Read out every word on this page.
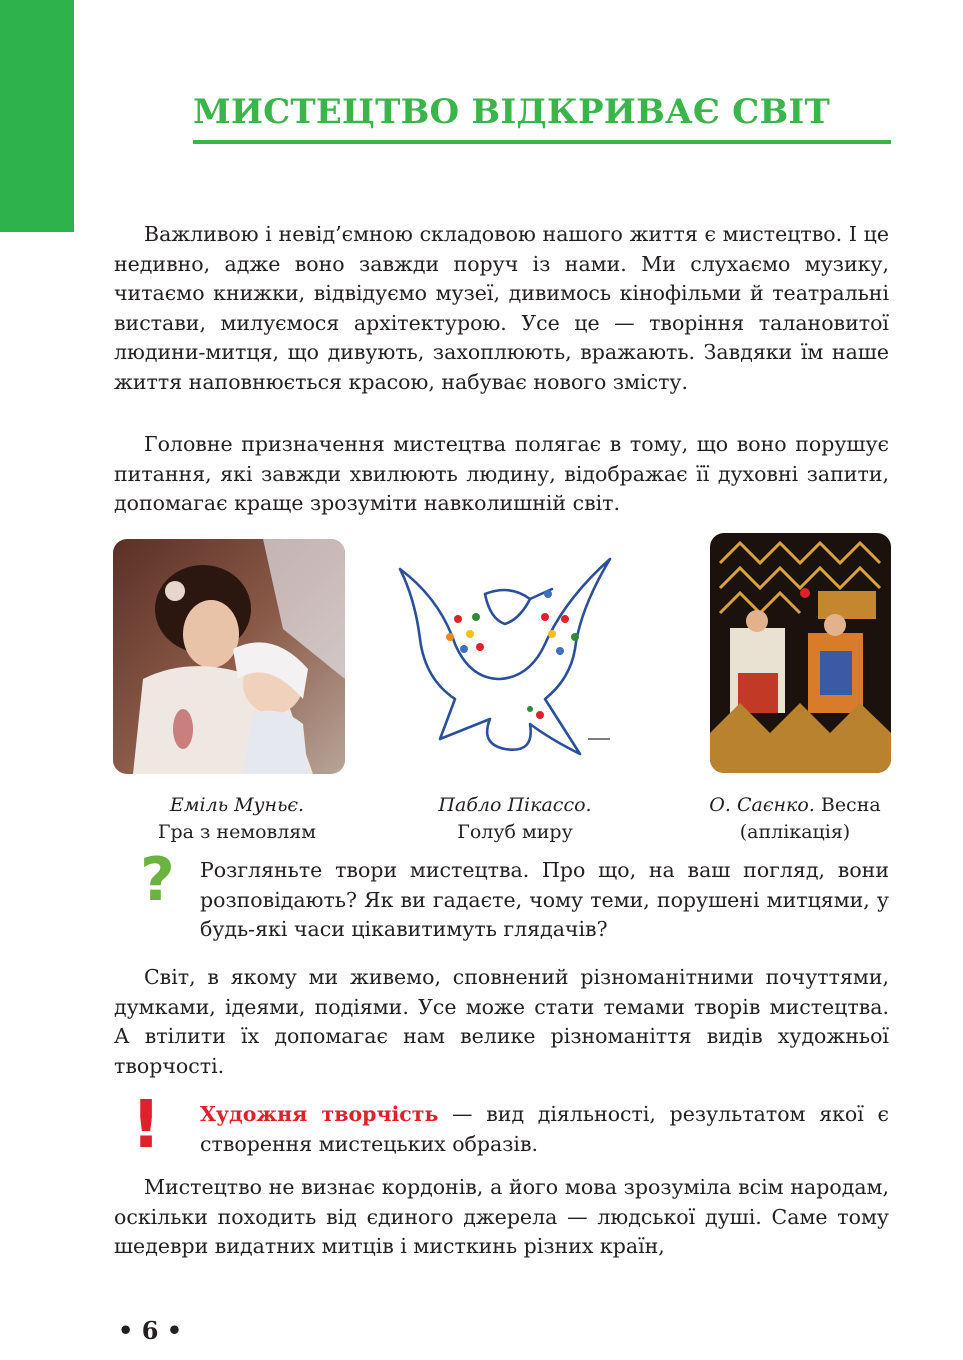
МИСТЕЦТВО ВІДКРИВАЄ СВІТ

Важливою і невід’ємною складовою нашого життя є мистецтво. І це недивно, адже воно завжди поруч із нами. Ми слухаємо музику, читаємо книжки, відвідуємо музеї, дивимось кінофільми й театральні вистави, милуємося архітектурою. Усе це — творіння талановитої людини-митця, що дивують, захоплюють, вражають. Завдяки їм наше життя наповнюється красою, набуває нового змісту.

Головне призначення мистецтва полягає в тому, що воно порушує питання, які завжди хвилюють людину, відображає її духовні запити, допомагає краще зрозуміти навколишній світ.

Еміль Муньє.
Гра з немовлям
Пабло Пікассо.
Голуб миру
О. Саєнко. Весна
(аплікація)
? Розгляньте твори мистецтва. Про що, на ваш погляд, вони розповідають? Як ви гадаєте, чому теми, порушені митцями, у будь-які часи цікавитимуть глядачів?

Світ, в якому ми живемо, сповнений різноманітними почуттями, думками, ідеями, подіями. Усе може стати темами творів мистецтва. А втілити їх допомагає нам велике різноманіття видів художньої творчості.

! Художня творчість — вид діяльності, результатом якої є створення мистецьких образів.

Мистецтво не визнає кордонів, а його мова зрозуміла всім народам, оскільки походить від єдиного джерела — людської душі. Саме тому шедеври видатних митців і мисткинь різних країн,

• 6 •
